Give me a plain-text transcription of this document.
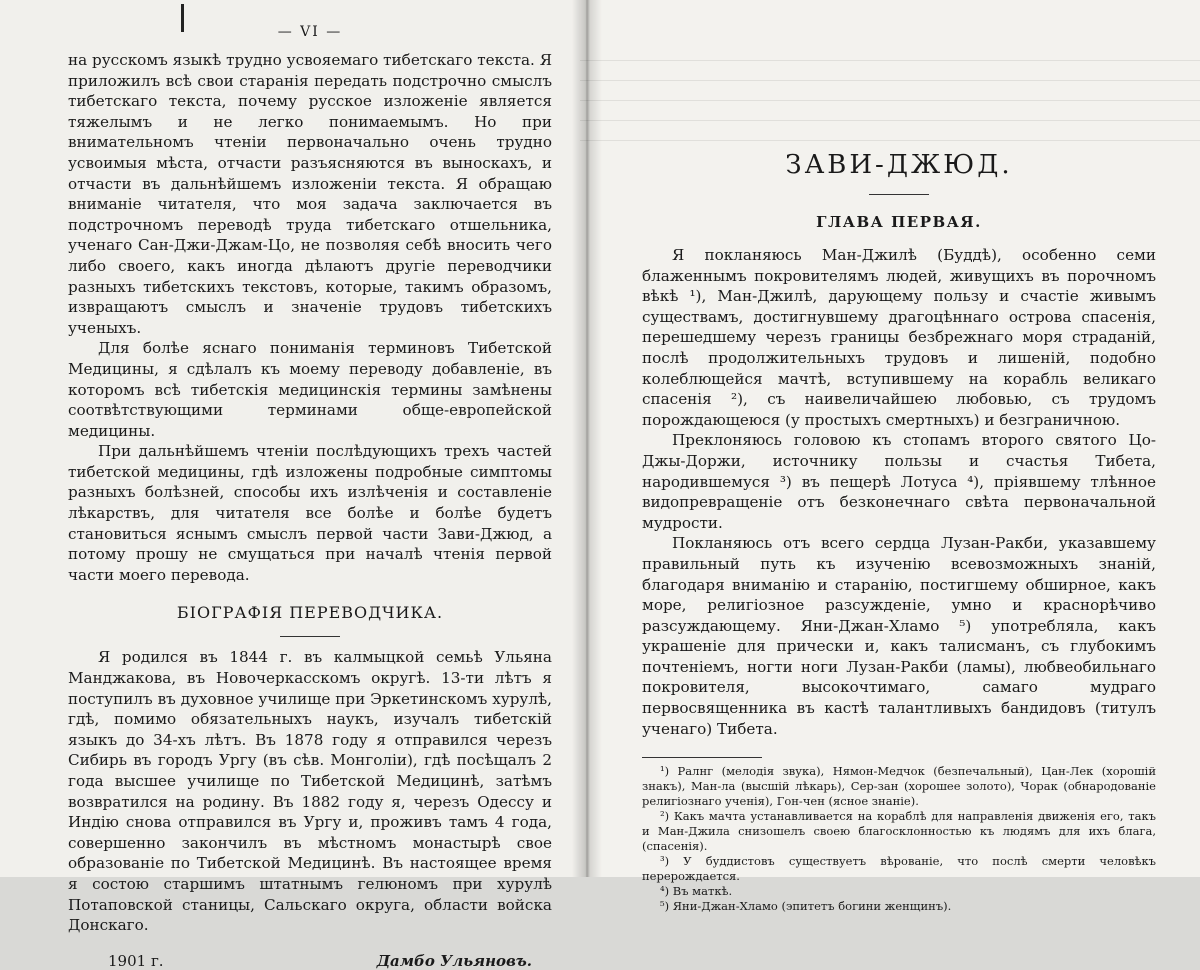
— VI —

на русскомъ языкѣ трудно усвояемаго тибетскаго текста. Я приложилъ всѣ свои старанія передать подстрочно смыслъ тибетскаго текста, почему русское изложеніе является тяжелымъ и не легко понимаемымъ. Но при внимательномъ чтеніи первоначально очень трудно усвоимыя мѣста, отчасти разъясняются въ выноскахъ, и отчасти въ дальнѣйшемъ изложеніи текста. Я обращаю вниманіе читателя, что моя задача заключается въ подстрочномъ переводѣ труда тибетскаго отшельника, ученаго Сан-Джи-Джам-Цо, не позволяя себѣ вносить чего либо своего, какъ иногда дѣлаютъ другіе переводчики разныхъ тибетскихъ текстовъ, которые, такимъ образомъ, извращаютъ смыслъ и значеніе трудовъ тибетскихъ ученыхъ.

Для болѣе яснаго пониманія терминовъ Тибетской Медицины, я сдѣлалъ къ моему переводу добавленіе, въ которомъ всѣ тибетскія медицинскія термины замѣнены соотвѣтствующими терминами обще-европейской медицины.

При дальнѣйшемъ чтеніи послѣдующихъ трехъ частей тибетской медицины, гдѣ изложены подробные симптомы разныхъ болѣзней, способы ихъ излѣченія и составленіе лѣкарствъ, для читателя все болѣе и болѣе будетъ становиться яснымъ смыслъ первой части Зави-Джюд, а потому прошу не смущаться при началѣ чтенія первой части моего перевода.

БІОГРАФІЯ ПЕРЕВОДЧИКА.

Я родился въ 1844 г. въ калмыцкой семьѣ Ульяна Манджакова, въ Новочеркасскомъ округѣ. 13-ти лѣтъ я поступилъ въ духовное училище при Эркетинскомъ хурулѣ, гдѣ, помимо обязательныхъ наукъ, изучалъ тибетскій языкъ до 34-хъ лѣтъ. Въ 1878 году я отправился черезъ Сибирь въ городъ Ургу (въ сѣв. Монголіи), гдѣ посѣщалъ 2 года высшее училище по Тибетской Медицинѣ, затѣмъ возвратился на родину. Въ 1882 году я, черезъ Одессу и Индію снова отправился въ Ургу и, проживъ тамъ 4 года, совершенно закончилъ въ мѣстномъ монастырѣ свое образованіе по Тибетской Медицинѣ. Въ настоящее время я состою старшимъ штатнымъ гелюномъ при хурулѣ Потаповской станицы, Сальскаго округа, области войска Донскаго.

1901 г.	Дамбо Ульяновъ.
ЗАВИ-ДЖЮД.
ГЛАВА ПЕРВАЯ.

Я покланяюсь Ман-Джилѣ (Буддѣ), особенно семи блаженнымъ покровителямъ людей, живущихъ въ порочномъ вѣкѣ ¹), Ман-Джилѣ, дарующему пользу и счастіе живымъ существамъ, достигнувшему драгоцѣннаго острова спасенія, перешедшему черезъ границы безбрежнаго моря страданій, послѣ продолжительныхъ трудовъ и лишеній, подобно колеблющейся мачтѣ, вступившему на корабль великаго спасенія ²), съ наивеличайшею любовью, съ трудомъ порождающеюся (у простыхъ смертныхъ) и безграничною.

Преклоняюсь головою къ стопамъ второго святого Цо-Джы-Доржи, источнику пользы и счастья Тибета, народившемуся ³) въ пещерѣ Лотуса ⁴), пріявшему тлѣнное видопревращеніе отъ безконечнаго свѣта первоначальной мудрости.

Покланяюсь отъ всего сердца Лузан-Ракби, указавшему правильный путь къ изученію всевозможныхъ знаній, благодаря вниманію и старанію, постигшему обширное, какъ море, религіозное разсужденіе, умно и краснорѣчиво разсуждающему. Яни-Джан-Хламо ⁵) употребляла, какъ украшеніе для прически и, какъ талисманъ, съ глубокимъ почтеніемъ, ногти ноги Лузан-Ракби (ламы), любвеобильнаго покровителя, высокочтимаго, самаго мудраго первосвященника въ кастѣ талантливыхъ бандидовъ (титулъ ученаго) Тибета.

¹) Ралнг (мелодія звука), Нямон-Медчок (безпечальный), Цан-Лек (хорошій знакъ), Ман-ла (высшій лѣкарь), Сер-зан (хорошее золото), Чорак (обнародованіе религіознаго ученія), Гон-чен (ясное знаніе).

²) Какъ мачта устанавливается на кораблѣ для направленія движенія его, такъ и Ман-Джила снизошелъ своею благосклонностью къ людямъ для ихъ блага, (спасенія).

³) У буддистовъ существуетъ вѣрованіе, что послѣ смерти человѣкъ перерождается.

⁴) Въ маткѣ.

⁵) Яни-Джан-Хламо (эпитетъ богини женщинъ).
